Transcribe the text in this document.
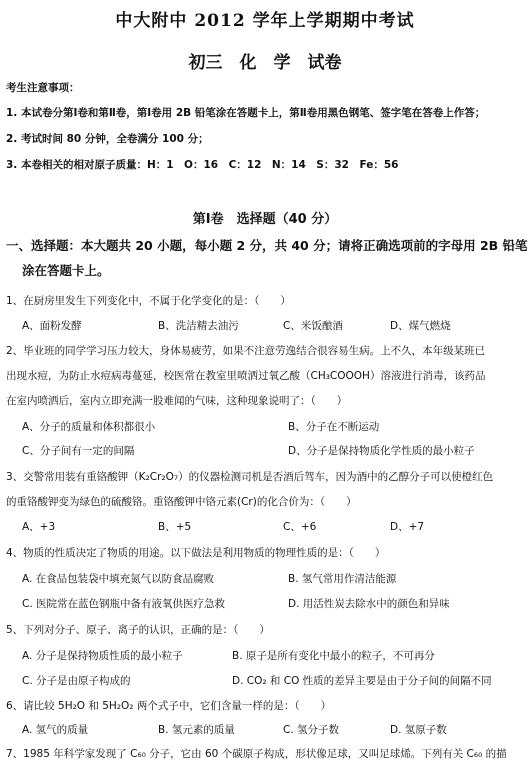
中大附中 2012 学年上学期期中考试
初三　化　学　试卷
考生注意事项：
1. 本试卷分第Ⅰ卷和第Ⅱ卷，第Ⅰ卷用 2B 铅笔涂在答题卡上，第Ⅱ卷用黑色钢笔、签字笔在答卷上作答；
2. 考试时间 80 分钟，全卷满分 100 分；
3. 本卷相关的相对原子质量：H：1　O：16　C：12　N：14　S：32　Fe：56
第Ⅰ卷　选择题（40 分）
一、选择题：本大题共 20 小题，每小题 2 分，共 40 分；请将正确选项前的字母用 2B 铅笔
涂在答题卡上。
1、在厨房里发生下列变化中，不属于化学变化的是：（　　）
A、面粉发酵	B、洗洁精去油污	C、米饭酿酒	D、煤气燃烧
2、毕业班的同学学习压力较大，身体易疲劳，如果不注意劳逸结合很容易生病。上不久，本年级某班已
出现水痘，为防止水痘病毒蔓延，校医常在教室里喷洒过氧乙酸（CH₃COOOH）溶液进行消毒，该药品
在室内喷洒后，室内立即充满一股难闻的气味，这种现象说明了：（　　）
A、分子的质量和体积都很小	B、分子在不断运动
C、分子间有一定的间隔	D、分子是保持物质化学性质的最小粒子
3、交警常用装有重铬酸钾（K₂Cr₂O₇）的仪器检测司机是否酒后驾车，因为酒中的乙醇分子可以使橙红色
的重铬酸钾变为绿色的硫酸铬。重铬酸钾中铬元素(Cr)的化合价为：（　　）
A、+3	B、+5	C、+6	D、+7
4、物质的性质决定了物质的用途。以下做法是利用物质的物理性质的是：（　　）
A. 在食品包装袋中填充氮气以防食品腐败	B. 氢气常用作清洁能源
C. 医院常在蓝色钢瓶中备有液氧供医疗急救	D. 用活性炭去除水中的颜色和异味
5、下列对分子、原子、离子的认识，正确的是：（　　）
A. 分子是保持物质性质的最小粒子	B. 原子是所有变化中最小的粒子，不可再分
C. 分子是由原子构成的	D. CO₂ 和 CO 性质的差异主要是由于分子间的间隔不同
6、请比较 5H₂O 和 5H₂O₂ 两个式子中，它们含量一样的是：（　　）
A. 氢气的质量	B. 氢元素的质量	C. 氢分子数	D. 氢原子数
7、1985 年科学家发现了 C₆₀ 分子，它由 60 个碳原子构成，形状像足球，又叫足球烯。下列有关 C₆₀ 的描
